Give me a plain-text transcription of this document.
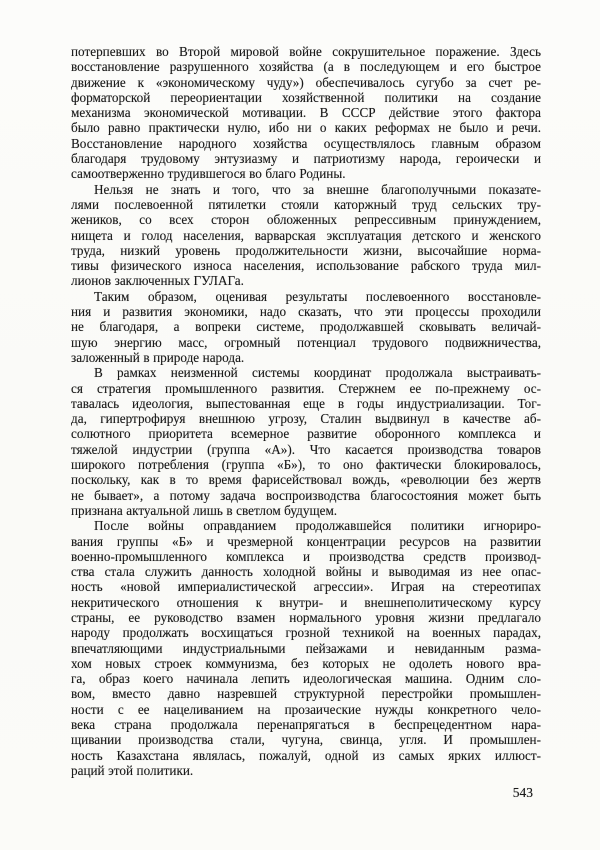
потерпевших во Второй мировой войне сокрушительное поражение. Здесь
восстановление разрушенного хозяйства (а в последующем и его быстрое
движение к «экономическому чуду») обеспечивалось сугубо за счет ре-
форматорской переориентации хозяйственной политики на создание
механизма экономической мотивации. В СССР действие этого фактора
было равно практически нулю, ибо ни о каких реформах не было и речи.
Восстановление народного хозяйства осуществлялось главным образом
благодаря трудовому энтузиазму и патриотизму народа, героически и
самоотверженно трудившегося во благо Родины.
Нельзя не знать и того, что за внешне благополучными показате-
лями послевоенной пятилетки стояли каторжный труд сельских тру-
жеников, со всех сторон обложенных репрессивным принуждением,
нищета и голод населения, варварская эксплуатация детского и женского
труда, низкий уровень продолжительности жизни, высочайшие норма-
тивы физического износа населения, использование рабского труда мил-
лионов заключенных ГУЛАГа.
Таким образом, оценивая результаты послевоенного восстановле-
ния и развития экономики, надо сказать, что эти процессы проходили
не благодаря, а вопреки системе, продолжавшей сковывать величай-
шую энергию масс, огромный потенциал трудового подвижничества,
заложенный в природе народа.
В рамках неизменной системы координат продолжала выстраивать-
ся стратегия промышленного развития. Стержнем ее по-прежнему ос-
тавалась идеология, выпестованная еще в годы индустриализации. Тог-
да, гипертрофируя внешнюю угрозу, Сталин выдвинул в качестве аб-
солютного приоритета всемерное развитие оборонного комплекса и
тяжелой индустрии (группа «А»). Что касается производства товаров
широкого потребления (группа «Б»), то оно фактически блокировалось,
поскольку, как в то время фарисействовал вождь, «революции без жертв
не бывает», а потому задача воспроизводства благосостояния может быть
признана актуальной лишь в светлом будущем.
После войны оправданием продолжавшейся политики игнориро-
вания группы «Б» и чрезмерной концентрации ресурсов на развитии
военно-промышленного комплекса и производства средств производ-
ства стала служить данность холодной войны и выводимая из нее опас-
ность «новой империалистической агрессии». Играя на стереотипах
некритического отношения к внутри- и внешнеполитическому курсу
страны, ее руководство взамен нормального уровня жизни предлагало
народу продолжать восхищаться грозной техникой на военных парадах,
впечатляющими индустриальными пейзажами и невиданным разма-
хом новых строек коммунизма, без которых не одолеть нового вра-
га, образ коего начинала лепить идеологическая машина. Одним сло-
вом, вместо давно назревшей структурной перестройки промышлен-
ности с ее нацеливанием на прозаические нужды конкретного чело-
века страна продолжала перенапрягаться в беспрецедентном нара-
щивании производства стали, чугуна, свинца, угля. И промышлен-
ность Казахстана являлась, пожалуй, одной из самых ярких иллюст-
раций этой политики.
543
